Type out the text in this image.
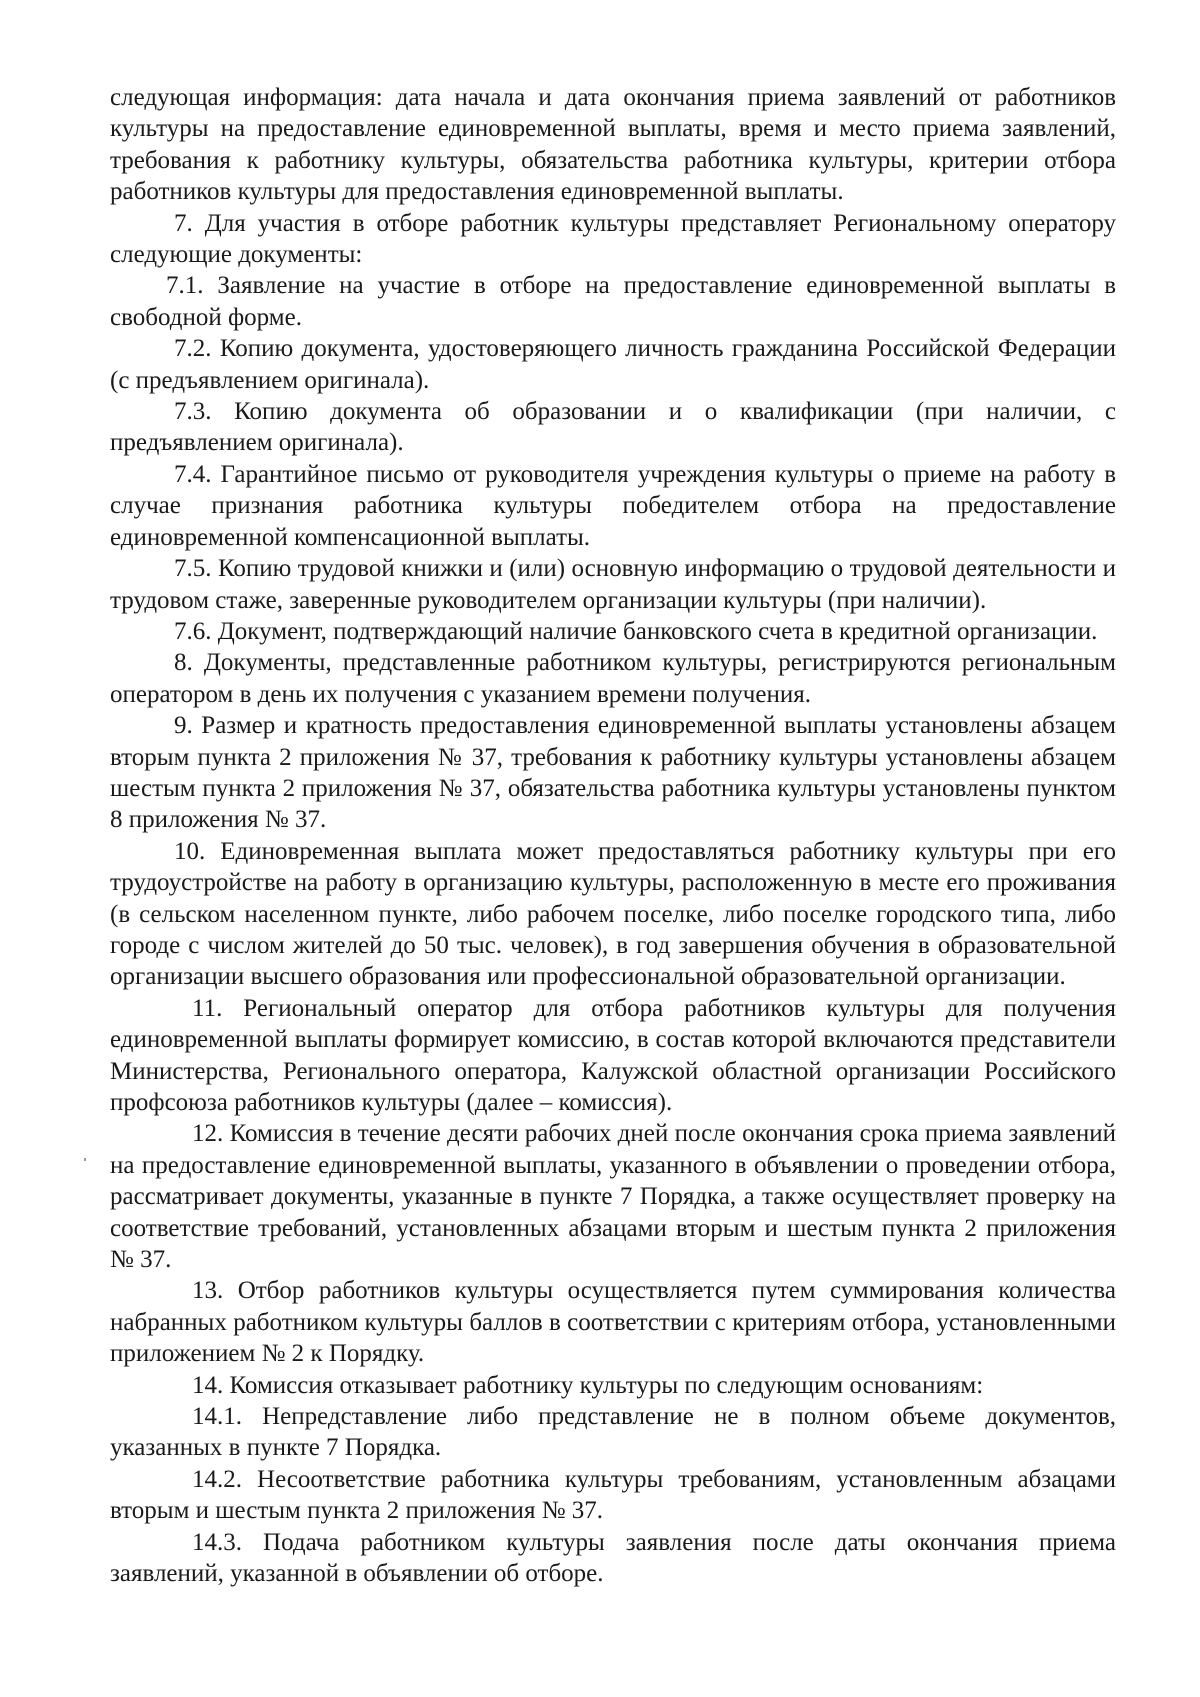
следующая информация: дата начала и дата окончания приема заявлений от работников культуры на предоставление единовременной выплаты, время и место приема заявлений, требования к работнику культуры, обязательства работника культуры, критерии отбора работников культуры для предоставления единовременной выплаты.

7. Для участия в отборе работник культуры представляет Региональному оператору следующие документы:

7.1. Заявление на участие в отборе на предоставление единовременной выплаты в свободной форме.

7.2. Копию документа, удостоверяющего личность гражданина Российской Федерации (с предъявлением оригинала).

7.3. Копию документа об образовании и о квалификации (при наличии, с предъявлением оригинала).

7.4. Гарантийное письмо от руководителя учреждения культуры о приеме на работу в случае признания работника культуры победителем отбора на предоставление единовременной компенсационной выплаты.

7.5. Копию трудовой книжки и (или) основную информацию о трудовой деятельности и трудовом стаже, заверенные руководителем организации культуры (при наличии).

7.6. Документ, подтверждающий наличие банковского счета в кредитной организации.

8. Документы, представленные работником культуры, регистрируются региональным оператором в день их получения с указанием времени получения.

9. Размер и кратность предоставления единовременной выплаты установлены абзацем вторым пункта 2 приложения № 37, требования к работнику культуры установлены абзацем шестым пункта 2 приложения № 37, обязательства работника культуры установлены пунктом 8 приложения № 37.

10. Единовременная выплата может предоставляться работнику культуры при его трудоустройстве на работу в организацию культуры, расположенную в месте его проживания (в сельском населенном пункте, либо рабочем поселке, либо поселке городского типа, либо городе с числом жителей до 50 тыс. человек), в год завершения обучения в образовательной организации высшего образования или профессиональной образовательной организации.

11. Региональный оператор для отбора работников культуры для получения единовременной выплаты формирует комиссию, в состав которой включаются представители Министерства, Регионального оператора, Калужской областной организации Российского профсоюза работников культуры (далее – комиссия).

12. Комиссия в течение десяти рабочих дней после окончания срока приема заявлений на предоставление единовременной выплаты, указанного в объявлении о проведении отбора, рассматривает документы, указанные в пункте 7 Порядка, а также осуществляет проверку на соответствие требований, установленных абзацами вторым и шестым пункта 2 приложения № 37.

13. Отбор работников культуры осуществляется путем суммирования количества набранных работником культуры баллов в соответствии с критериям отбора, установленными приложением № 2 к Порядку.

14. Комиссия отказывает работнику культуры по следующим основаниям:

14.1. Непредставление либо представление не в полном объеме документов, указанных в пункте 7 Порядка.

14.2. Несоответствие работника культуры требованиям, установленным абзацами вторым и шестым пункта 2 приложения № 37.

14.3. Подача работником культуры заявления после даты окончания приема заявлений, указанной в объявлении об отборе.
